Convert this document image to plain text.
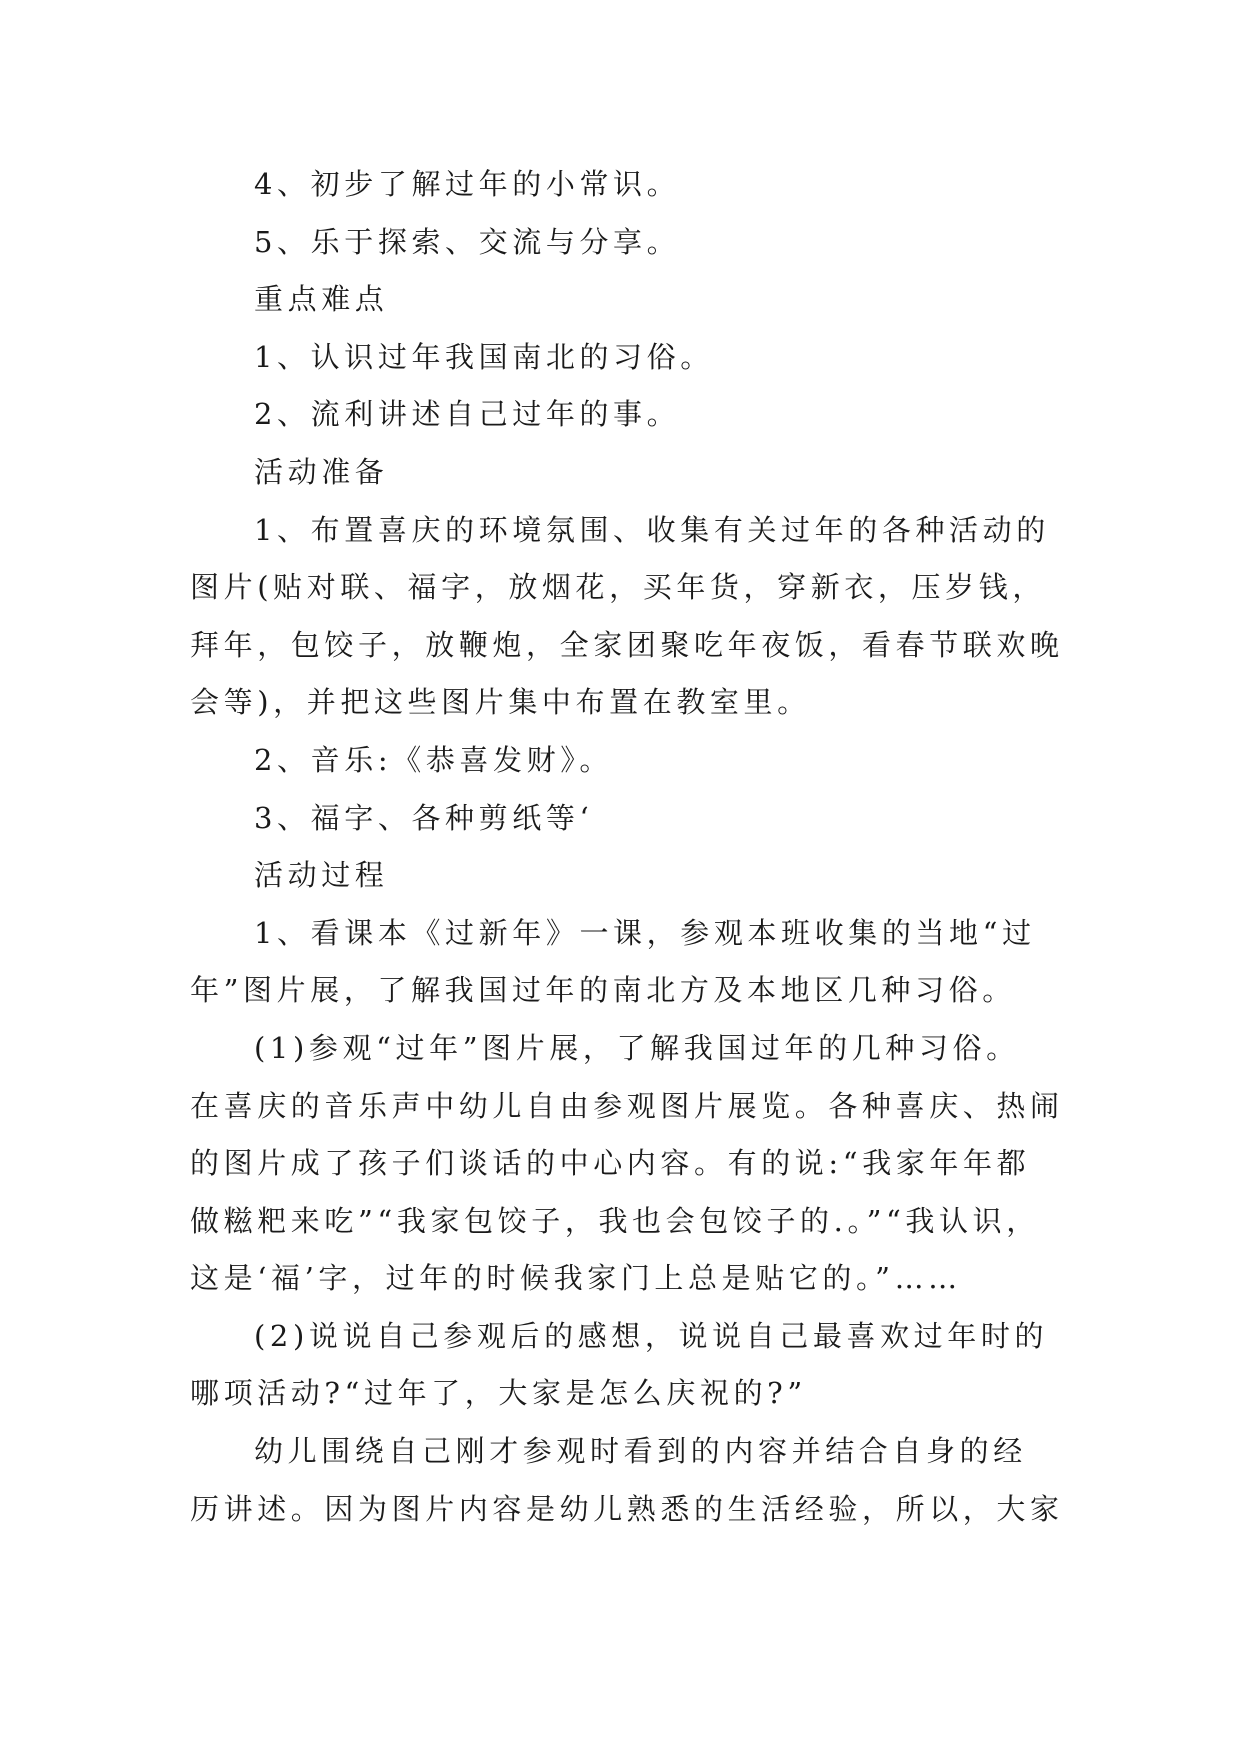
4、初步了解过年的小常识。

5、乐于探索、交流与分享。

重点难点

1、认识过年我国南北的习俗。

2、流利讲述自己过年的事。

活动准备

1、布置喜庆的环境氛围、收集有关过年的各种活动的

图片(贴对联、福字，放烟花，买年货，穿新衣，压岁钱，

拜年，包饺子，放鞭炮，全家团聚吃年夜饭，看春节联欢晚

会等)，并把这些图片集中布置在教室里。

2、音乐:《恭喜发财》。

3、福字、各种剪纸等‘

活动过程

1、看课本《过新年》一课，参观本班收集的当地“过

年”图片展，了解我国过年的南北方及本地区几种习俗。

(1)参观“过年”图片展，了解我国过年的几种习俗。

在喜庆的音乐声中幼儿自由参观图片展览。各种喜庆、热闹

的图片成了孩子们谈话的中心内容。有的说:“我家年年都

做糍粑来吃”“我家包饺子，我也会包饺子的.。”“我认识，

这是‘福’字，过年的时候我家门上总是贴它的。”……

(2)说说自己参观后的感想，说说自己最喜欢过年时的

哪项活动?“过年了，大家是怎么庆祝的?”

幼儿围绕自己刚才参观时看到的内容并结合自身的经

历讲述。因为图片内容是幼儿熟悉的生活经验，所以，大家
